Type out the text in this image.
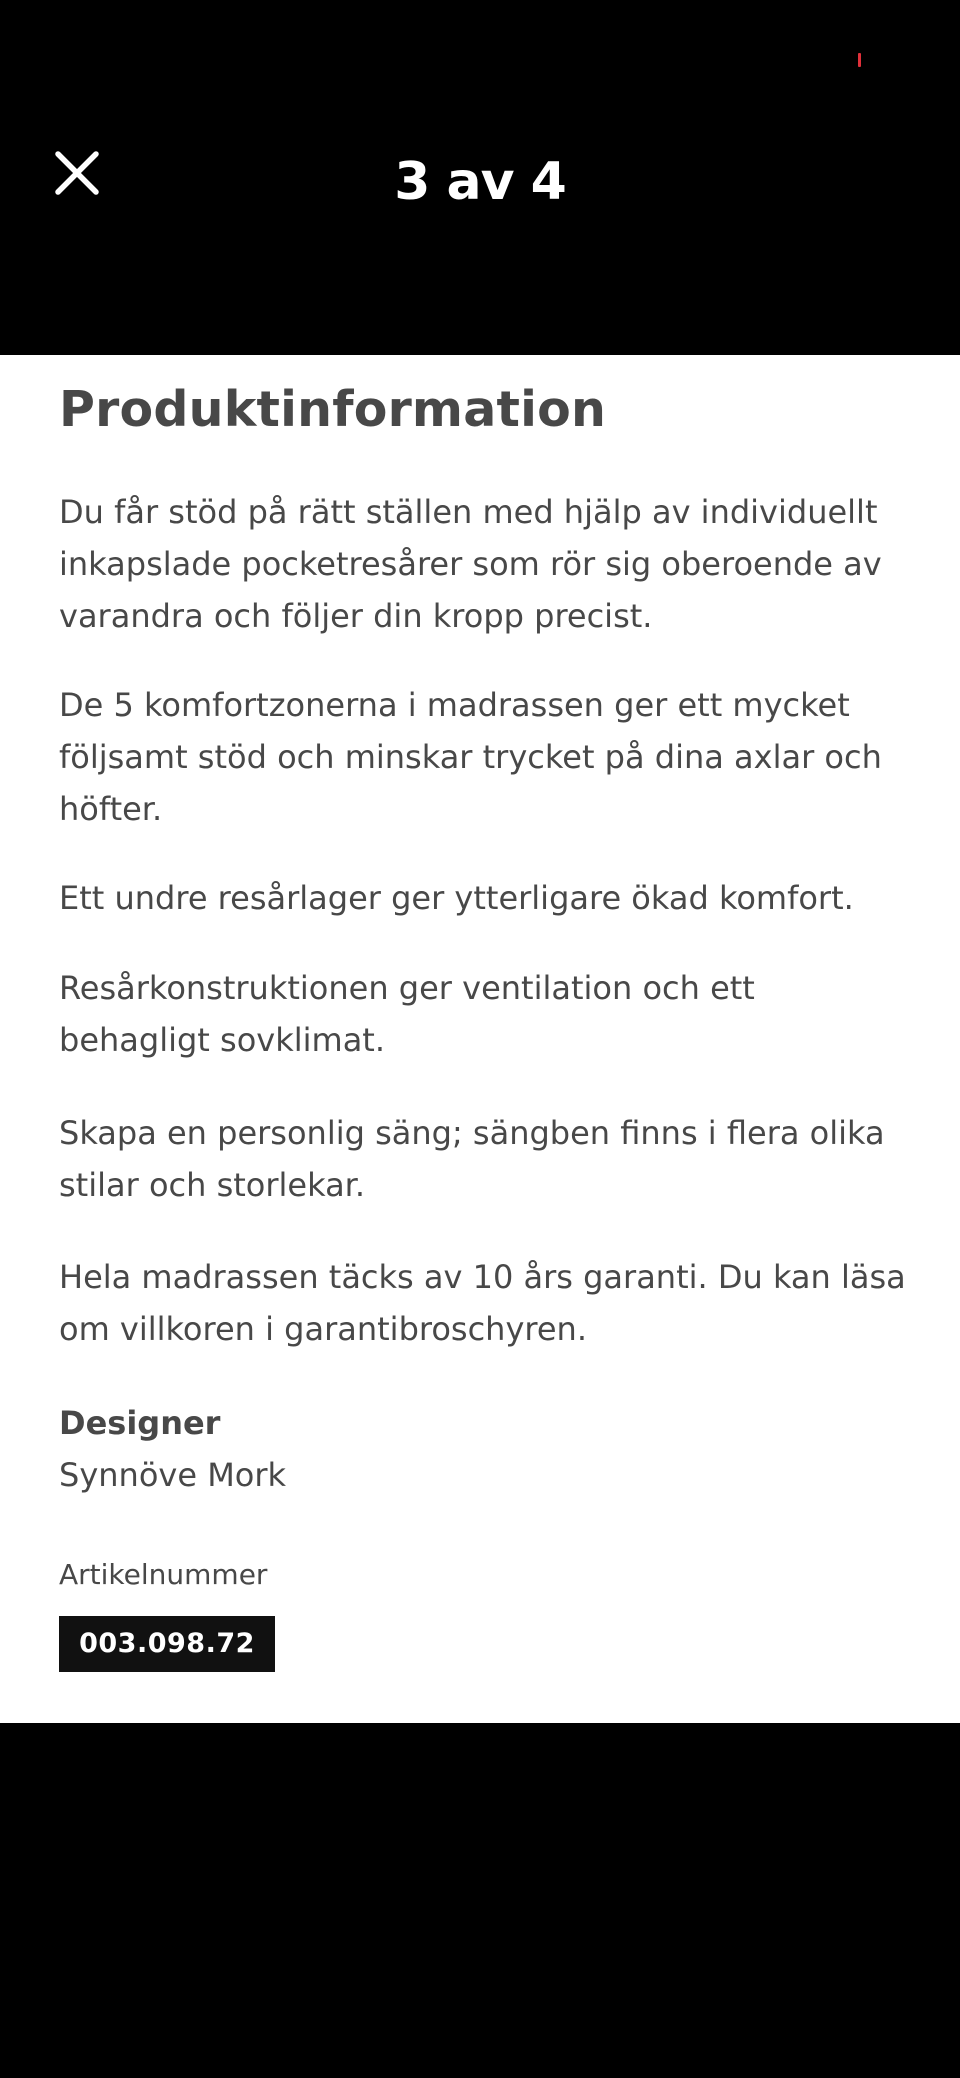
3 av 4
Produktinformation

Du får stöd på rätt ställen med hjälp av individuellt inkapslade pocketresårer som rör sig oberoende av varandra och följer din kropp precist.

De 5 komfortzonerna i madrassen ger ett mycket följsamt stöd och minskar trycket på dina axlar och höfter.

Ett undre resårlager ger ytterligare ökad komfort.

Resårkonstruktionen ger ventilation och ett behagligt sovklimat.

Skapa en personlig säng; sängben finns i flera olika stilar och storlekar.

Hela madrassen täcks av 10 års garanti. Du kan läsa om villkoren i garantibroschyren.

Designer

Synnöve Mork

Artikelnummer

003.098.72
